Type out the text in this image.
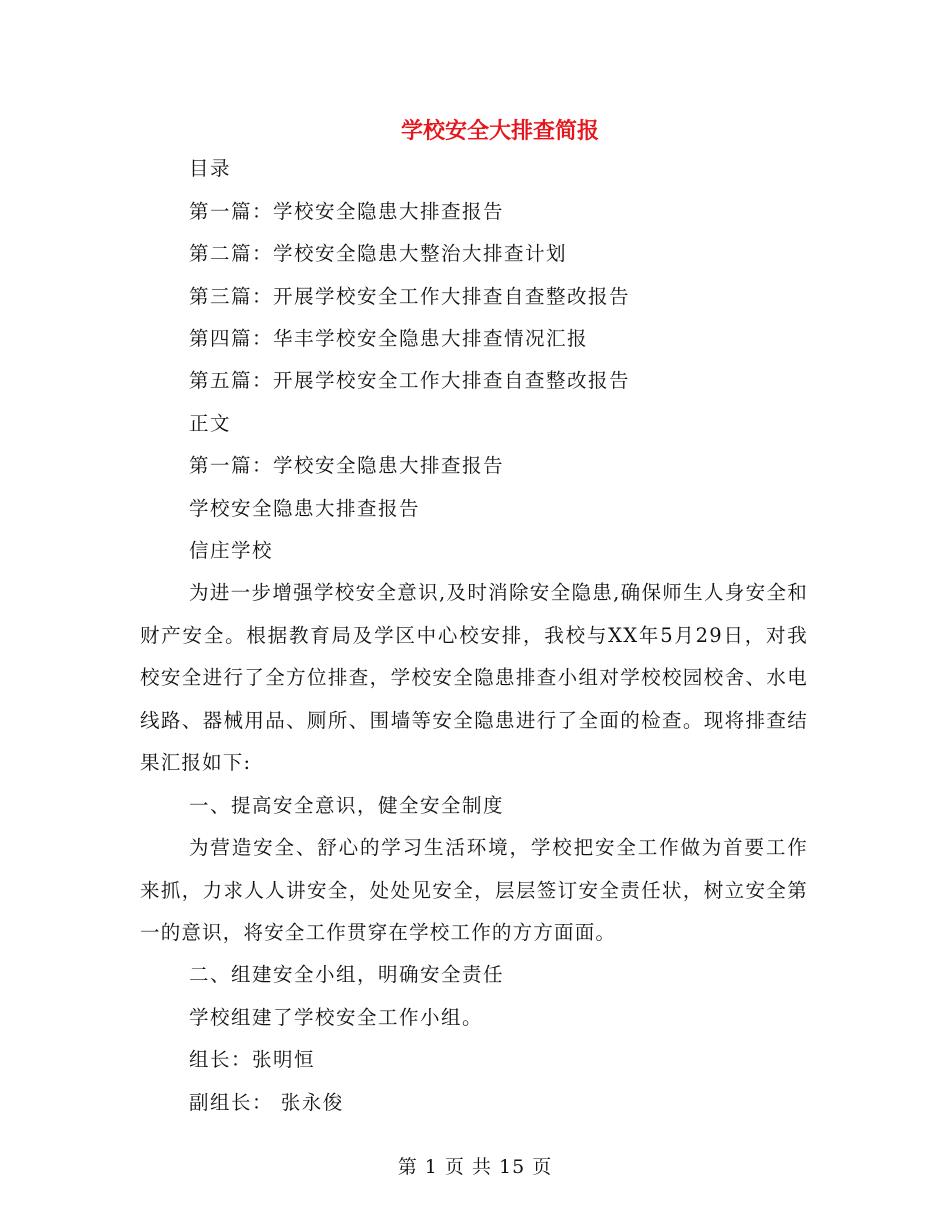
学校安全大排查简报
目录
第一篇：学校安全隐患大排查报告
第二篇：学校安全隐患大整治大排查计划
第三篇：开展学校安全工作大排查自查整改报告
第四篇：华丰学校安全隐患大排查情况汇报
第五篇：开展学校安全工作大排查自查整改报告
正文
第一篇：学校安全隐患大排查报告
学校安全隐患大排查报告
信庄学校
为进一步增强学校安全意识,及时消除安全隐患,确保师生人身安全和财产安全。根据教育局及学区中心校安排，我校与XX年5月29日，对我校安全进行了全方位排查，学校安全隐患排查小组对学校校园校舍、水电线路、器械用品、厕所、围墙等安全隐患进行了全面的检查。现将排查结果汇报如下:
一、提高安全意识，健全安全制度
为营造安全、舒心的学习生活环境，学校把安全工作做为首要工作来抓，力求人人讲安全，处处见安全，层层签订安全责任状，树立安全第一的意识，将安全工作贯穿在学校工作的方方面面。
二、组建安全小组，明确安全责任
学校组建了学校安全工作小组。
组长：张明恒
副组长： 张永俊
第 1 页 共 15 页
